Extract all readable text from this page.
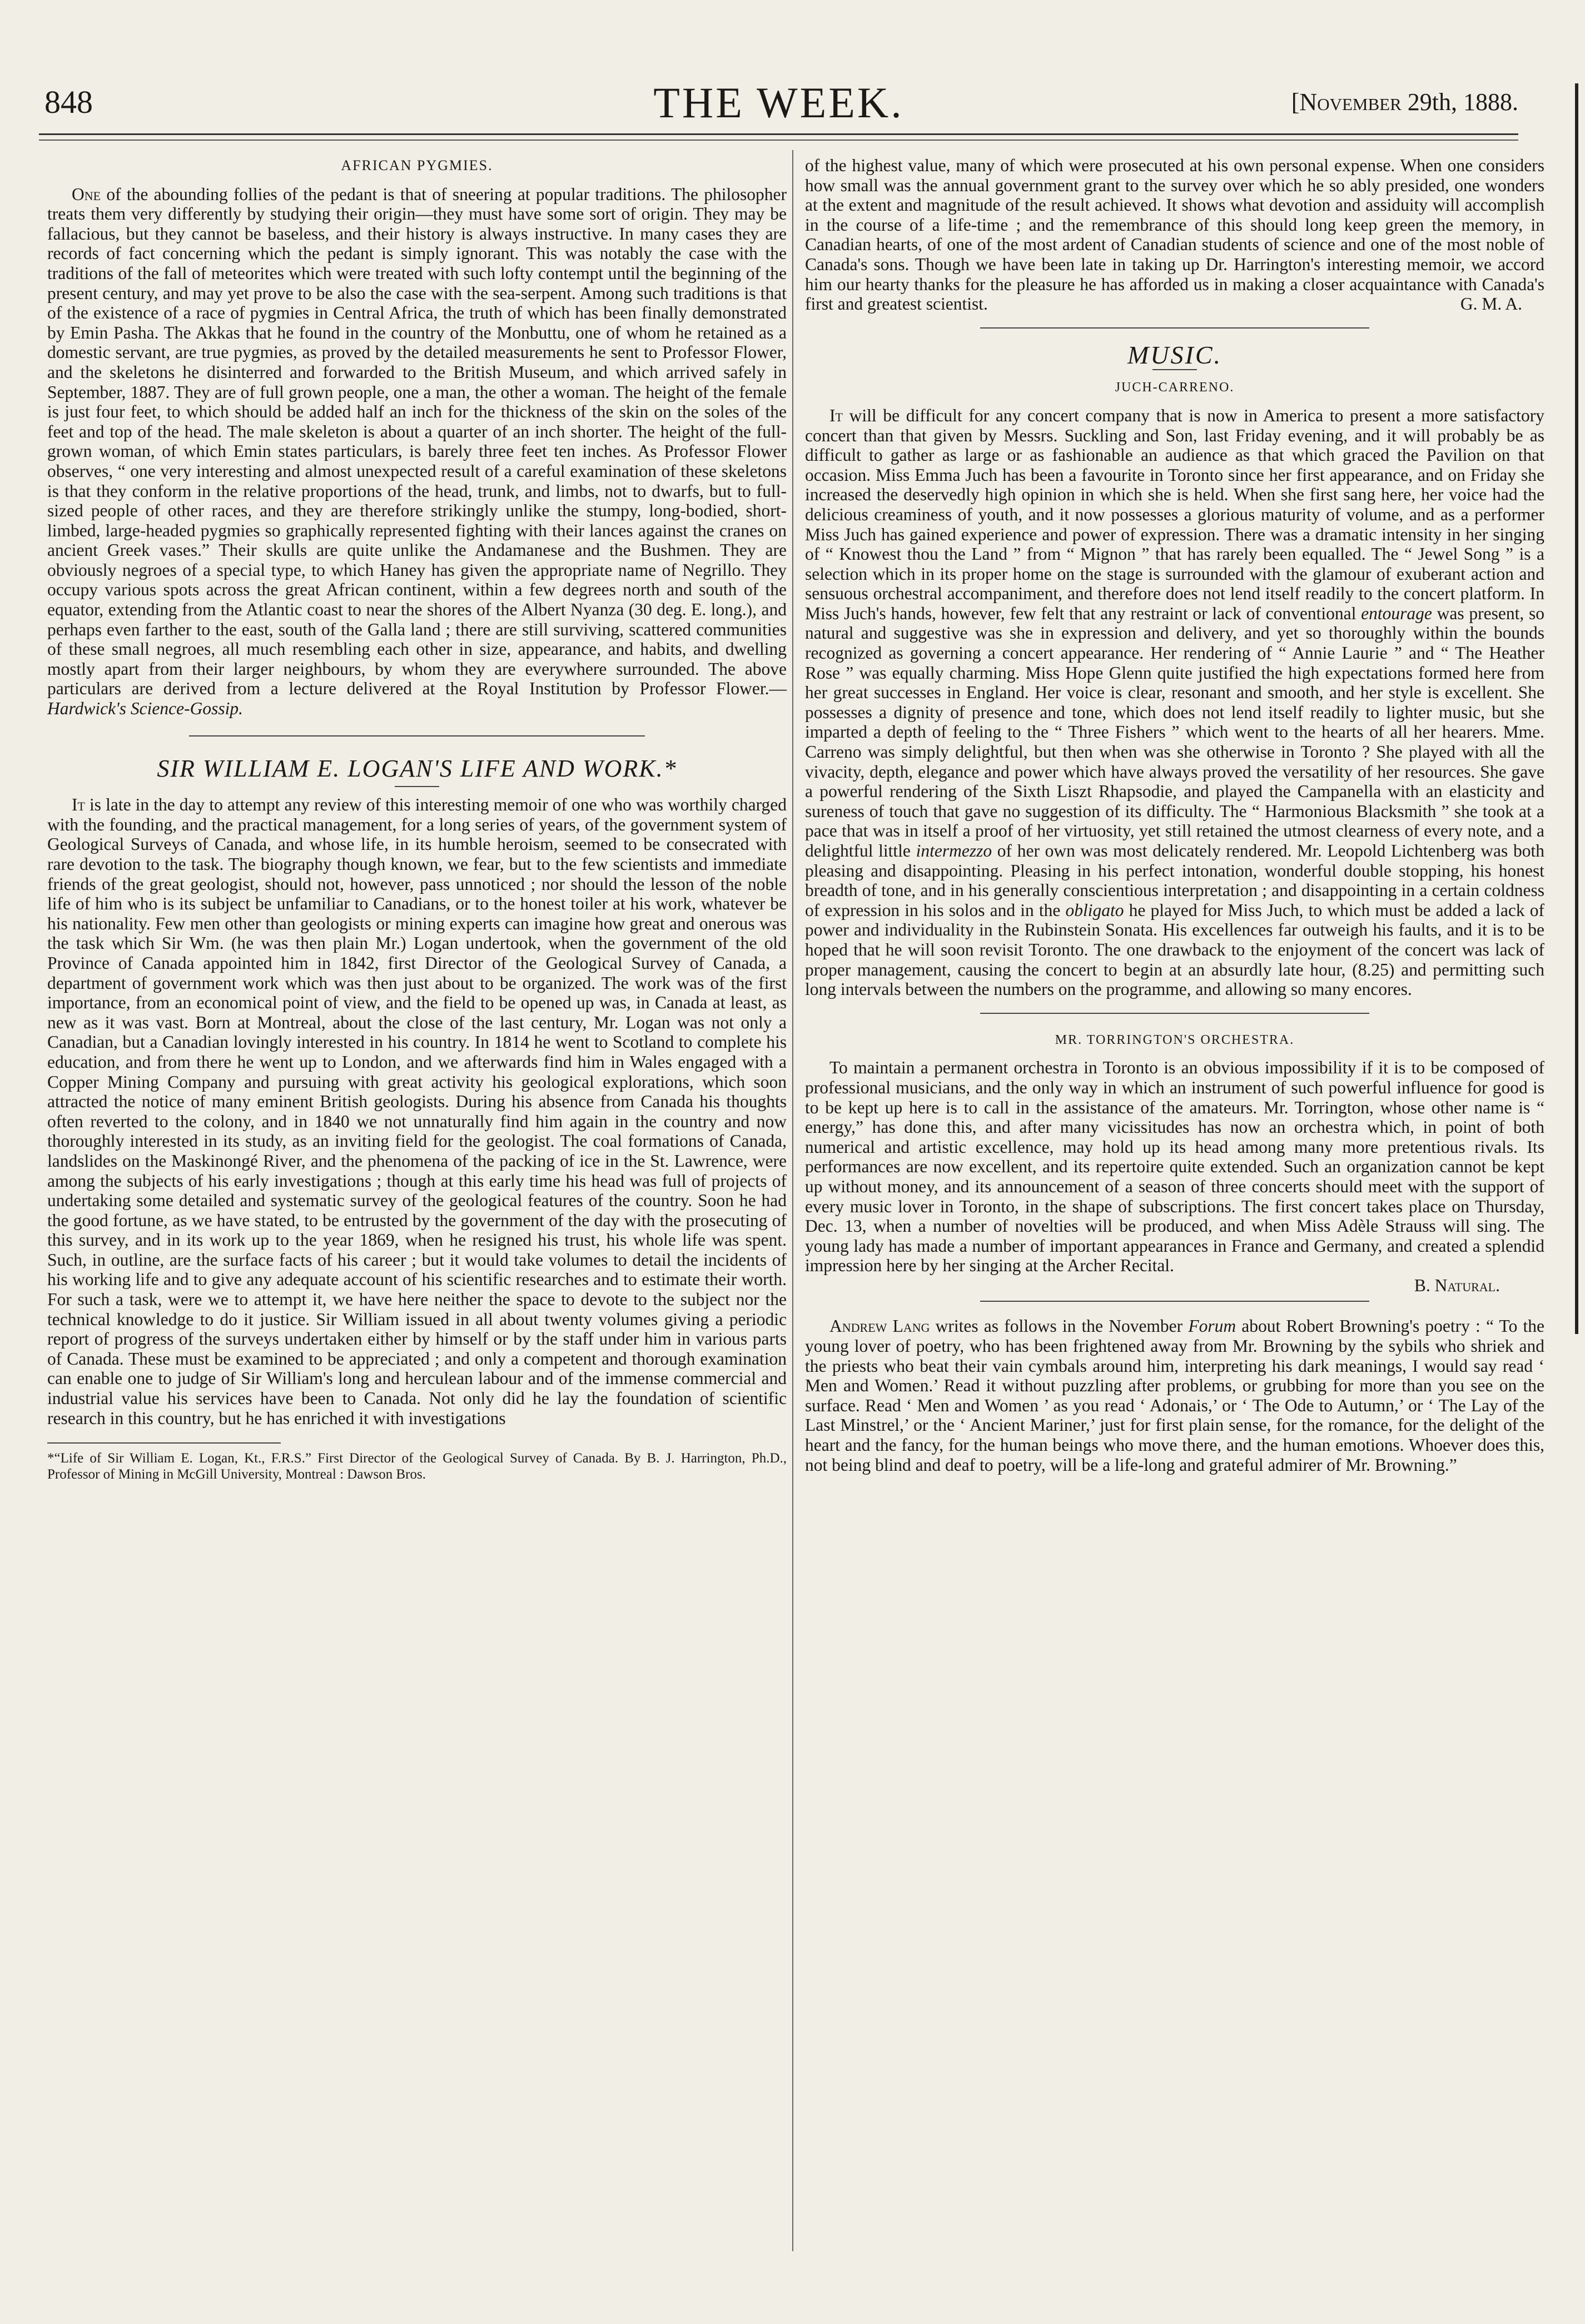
848	THE WEEK.	[November 29th, 1888.
AFRICAN PYGMIES.

One of the abounding follies of the pedant is that of sneering at popular traditions. The philosopher treats them very differently by studying their origin—they must have some sort of origin. They may be fallacious, but they cannot be baseless, and their history is always instructive. In many cases they are records of fact concerning which the pedant is simply ignorant. This was notably the case with the traditions of the fall of meteorites which were treated with such lofty contempt until the beginning of the present century, and may yet prove to be also the case with the sea-serpent. Among such traditions is that of the existence of a race of pygmies in Central Africa, the truth of which has been finally demonstrated by Emin Pasha. The Akkas that he found in the country of the Monbuttu, one of whom he retained as a domestic servant, are true pygmies, as proved by the detailed measurements he sent to Professor Flower, and the skeletons he disinterred and forwarded to the British Museum, and which arrived safely in September, 1887. They are of full grown people, one a man, the other a woman. The height of the female is just four feet, to which should be added half an inch for the thickness of the skin on the soles of the feet and top of the head. The male skeleton is about a quarter of an inch shorter. The height of the full-grown woman, of which Emin states particulars, is barely three feet ten inches. As Professor Flower observes, “ one very interesting and almost unexpected result of a careful examination of these skeletons is that they conform in the relative proportions of the head, trunk, and limbs, not to dwarfs, but to full-sized people of other races, and they are therefore strikingly unlike the stumpy, long-bodied, short-limbed, large-headed pygmies so graphically represented fighting with their lances against the cranes on ancient Greek vases.” Their skulls are quite unlike the Andamanese and the Bushmen. They are obviously negroes of a special type, to which Haney has given the appropriate name of Negrillo. They occupy various spots across the great African continent, within a few degrees north and south of the equator, extending from the Atlantic coast to near the shores of the Albert Nyanza (30 deg. E. long.), and perhaps even farther to the east, south of the Galla land ; there are still surviving, scattered communities of these small negroes, all much resembling each other in size, appearance, and habits, and dwelling mostly apart from their larger neighbours, by whom they are everywhere surrounded. The above particulars are derived from a lecture delivered at the Royal Institution by Professor Flower.—Hardwick's Science-Gossip.

SIR WILLIAM E. LOGAN'S LIFE AND WORK.*

It is late in the day to attempt any review of this interesting memoir of one who was worthily charged with the founding, and the practical management, for a long series of years, of the government system of Geological Surveys of Canada, and whose life, in its humble heroism, seemed to be consecrated with rare devotion to the task. The biography though known, we fear, but to the few scientists and immediate friends of the great geologist, should not, however, pass unnoticed ; nor should the lesson of the noble life of him who is its subject be unfamiliar to Canadians, or to the honest toiler at his work, whatever be his nationality. Few men other than geologists or mining experts can imagine how great and onerous was the task which Sir Wm. (he was then plain Mr.) Logan undertook, when the government of the old Province of Canada appointed him in 1842, first Director of the Geological Survey of Canada, a department of government work which was then just about to be organized. The work was of the first importance, from an economical point of view, and the field to be opened up was, in Canada at least, as new as it was vast. Born at Montreal, about the close of the last century, Mr. Logan was not only a Canadian, but a Canadian lovingly interested in his country. In 1814 he went to Scotland to complete his education, and from there he went up to London, and we afterwards find him in Wales engaged with a Copper Mining Company and pursuing with great activity his geological explorations, which soon attracted the notice of many eminent British geologists. During his absence from Canada his thoughts often reverted to the colony, and in 1840 we not unnaturally find him again in the country and now thoroughly interested in its study, as an inviting field for the geologist. The coal formations of Canada, landslides on the Maskinongé River, and the phenomena of the packing of ice in the St. Lawrence, were among the subjects of his early investigations ; though at this early time his head was full of projects of undertaking some detailed and systematic survey of the geological features of the country. Soon he had the good fortune, as we have stated, to be entrusted by the government of the day with the prosecuting of this survey, and in its work up to the year 1869, when he resigned his trust, his whole life was spent. Such, in outline, are the surface facts of his career ; but it would take volumes to detail the incidents of his working life and to give any adequate account of his scientific researches and to estimate their worth. For such a task, were we to attempt it, we have here neither the space to devote to the subject nor the technical knowledge to do it justice. Sir William issued in all about twenty volumes giving a periodic report of progress of the surveys undertaken either by himself or by the staff under him in various parts of Canada. These must be examined to be appreciated ; and only a competent and thorough examination can enable one to judge of Sir William's long and herculean labour and of the immense commercial and industrial value his services have been to Canada. Not only did he lay the foundation of scientific research in this country, but he has enriched it with investigations

*“Life of Sir William E. Logan, Kt., F.R.S.” First Director of the Geological Survey of Canada. By B. J. Harrington, Ph.D., Professor of Mining in McGill University, Montreal : Dawson Bros.

of the highest value, many of which were prosecuted at his own personal expense. When one considers how small was the annual government grant to the survey over which he so ably presided, one wonders at the extent and magnitude of the result achieved. It shows what devotion and assiduity will accomplish in the course of a life-time ; and the remembrance of this should long keep green the memory, in Canadian hearts, of one of the most ardent of Canadian students of science and one of the most noble of Canada's sons. Though we have been late in taking up Dr. Harrington's interesting memoir, we accord him our hearty thanks for the pleasure he has afforded us in making a closer acquaintance with Canada's first and greatest scientist.	G. M. A.

MUSIC.
JUCH-CARRENO.

It will be difficult for any concert company that is now in America to present a more satisfactory concert than that given by Messrs. Suckling and Son, last Friday evening, and it will probably be as difficult to gather as large or as fashionable an audience as that which graced the Pavilion on that occasion. Miss Emma Juch has been a favourite in Toronto since her first appearance, and on Friday she increased the deservedly high opinion in which she is held. When she first sang here, her voice had the delicious creaminess of youth, and it now possesses a glorious maturity of volume, and as a performer Miss Juch has gained experience and power of expression. There was a dramatic intensity in her singing of “ Knowest thou the Land ” from “ Mignon ” that has rarely been equalled. The “ Jewel Song ” is a selection which in its proper home on the stage is surrounded with the glamour of exuberant action and sensuous orchestral accompaniment, and therefore does not lend itself readily to the concert platform. In Miss Juch's hands, however, few felt that any restraint or lack of conventional entourage was present, so natural and suggestive was she in expression and delivery, and yet so thoroughly within the bounds recognized as governing a concert appearance. Her rendering of “ Annie Laurie ” and “ The Heather Rose ” was equally charming. Miss Hope Glenn quite justified the high expectations formed here from her great successes in England. Her voice is clear, resonant and smooth, and her style is excellent. She possesses a dignity of presence and tone, which does not lend itself readily to lighter music, but she imparted a depth of feeling to the “ Three Fishers ” which went to the hearts of all her hearers. Mme. Carreno was simply delightful, but then when was she otherwise in Toronto ? She played with all the vivacity, depth, elegance and power which have always proved the versatility of her resources. She gave a powerful rendering of the Sixth Liszt Rhapsodie, and played the Campanella with an elasticity and sureness of touch that gave no suggestion of its difficulty. The “ Harmonious Blacksmith ” she took at a pace that was in itself a proof of her virtuosity, yet still retained the utmost clearness of every note, and a delightful little intermezzo of her own was most delicately rendered. Mr. Leopold Lichtenberg was both pleasing and disappointing. Pleasing in his perfect intonation, wonderful double stopping, his honest breadth of tone, and in his generally conscientious interpretation ; and disappointing in a certain coldness of expression in his solos and in the obligato he played for Miss Juch, to which must be added a lack of power and individuality in the Rubinstein Sonata. His excellences far outweigh his faults, and it is to be hoped that he will soon revisit Toronto. The one drawback to the enjoyment of the concert was lack of proper management, causing the concert to begin at an absurdly late hour, (8.25) and permitting such long intervals between the numbers on the programme, and allowing so many encores.

MR. TORRINGTON'S ORCHESTRA.

To maintain a permanent orchestra in Toronto is an obvious impossibility if it is to be composed of professional musicians, and the only way in which an instrument of such powerful influence for good is to be kept up here is to call in the assistance of the amateurs. Mr. Torrington, whose other name is “ energy,” has done this, and after many vicissitudes has now an orchestra which, in point of both numerical and artistic excellence, may hold up its head among many more pretentious rivals. Its performances are now excellent, and its repertoire quite extended. Such an organization cannot be kept up without money, and its announcement of a season of three concerts should meet with the support of every music lover in Toronto, in the shape of subscriptions. The first concert takes place on Thursday, Dec. 13, when a number of novelties will be produced, and when Miss Adèle Strauss will sing. The young lady has made a number of important appearances in France and Germany, and created a splendid impression here by her singing at the Archer Recital.

B. Natural.

Andrew Lang writes as follows in the November Forum about Robert Browning's poetry : “ To the young lover of poetry, who has been frightened away from Mr. Browning by the sybils who shriek and the priests who beat their vain cymbals around him, interpreting his dark meanings, I would say read ‘ Men and Women.’ Read it without puzzling after problems, or grubbing for more than you see on the surface. Read ‘ Men and Women ’ as you read ‘ Adonais,’ or ‘ The Ode to Autumn,’ or ‘ The Lay of the Last Minstrel,’ or the ‘ Ancient Mariner,’ just for first plain sense, for the romance, for the delight of the heart and the fancy, for the human beings who move there, and the human emotions. Whoever does this, not being blind and deaf to poetry, will be a life-long and grateful admirer of Mr. Browning.”
